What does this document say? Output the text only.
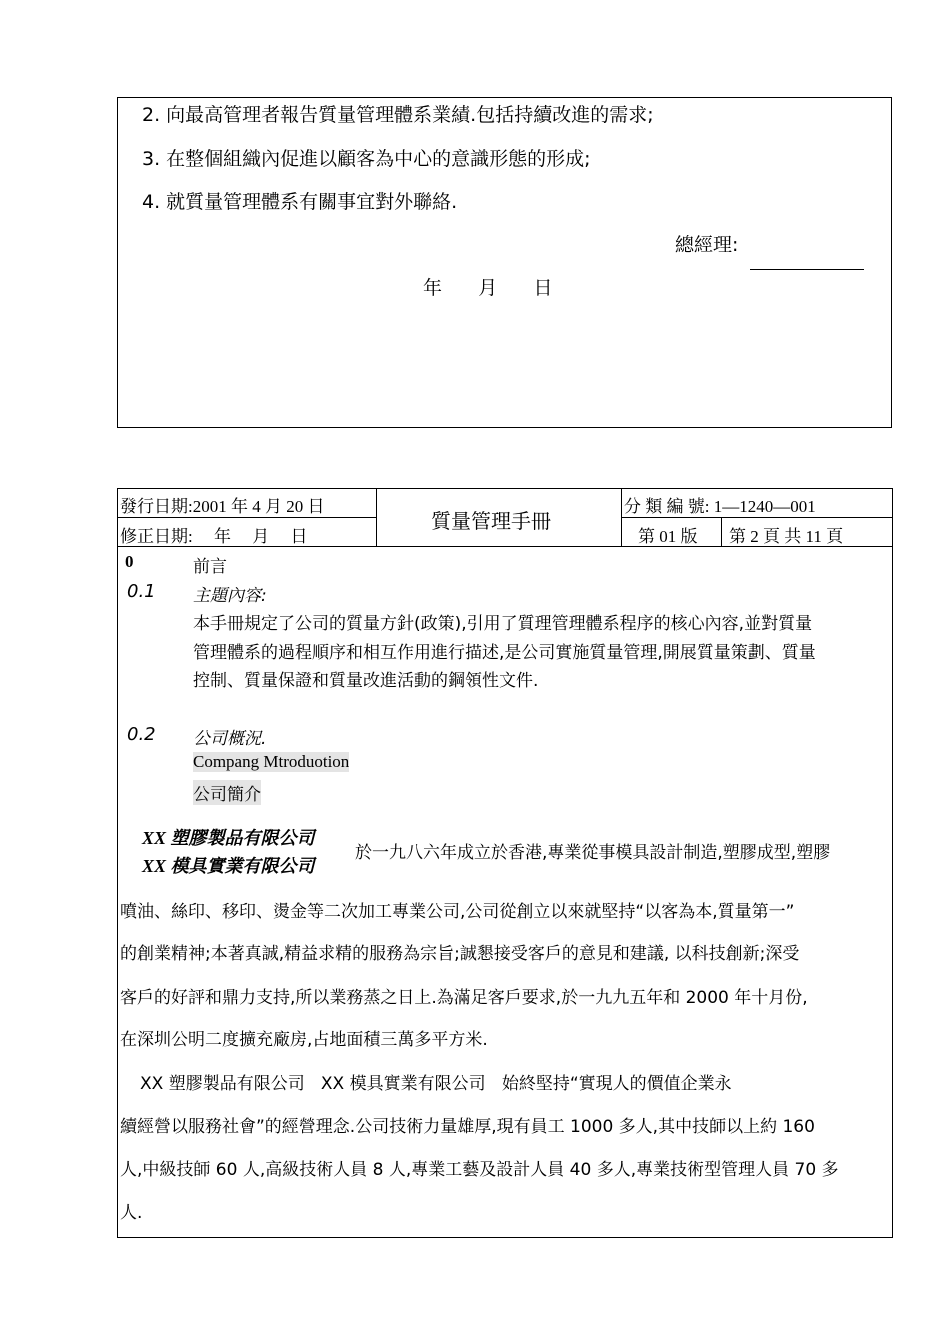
2. 向最高管理者報告質量管理體系業績.包括持續改進的需求;
3. 在整個組織內促進以顧客為中心的意識形態的形成;
4. 就質量管理體系有關事宜對外聯絡.
總經理:
年      月      日
發行日期:2001 年 4 月 20 日
修正日期:     年     月     日
質量管理手冊
分 類 編 號: 1—1240—001
第 01 版 第 2 頁 共 11 頁
0	前言
0.1 主題內容:
本手冊規定了公司的質量方針(政策),引用了質理管理體系程序的核心內容,並對質量
管理體系的過程順序和相互作用進行描述,是公司實施質量管理,開展質量策劃、質量
控制、質量保證和質量改進活動的鋼領性文件.
0.2 公司概況.
Compang Mtroduotion
公司簡介
XX 塑膠製品有限公司
XX 模具實業有限公司
於一九八六年成立於香港,專業從事模具設計制造,塑膠成型,塑膠
噴油、絲印、移印、燙金等二次加工專業公司,公司從創立以來就堅持“以客為本,質量第一”
的創業精神;本著真誠,精益求精的服務為宗旨;誠懇接受客戶的意見和建議, 以科技創新;深受
客戶的好評和鼎力支持,所以業務蒸之日上.為滿足客戶要求,於一九九五年和 2000 年十月份,
在深圳公明二度擴充廠房,占地面積三萬多平方米.
XX 塑膠製品有限公司   XX 模具實業有限公司   始終堅持“實現人的價值企業永
續經營以服務社會”的經營理念.公司技術力量雄厚,現有員工 1000 多人,其中技師以上約 160
人,中級技師 60 人,高級技術人員 8 人,專業工藝及設計人員 40 多人,專業技術型管理人員 70 多
人.
